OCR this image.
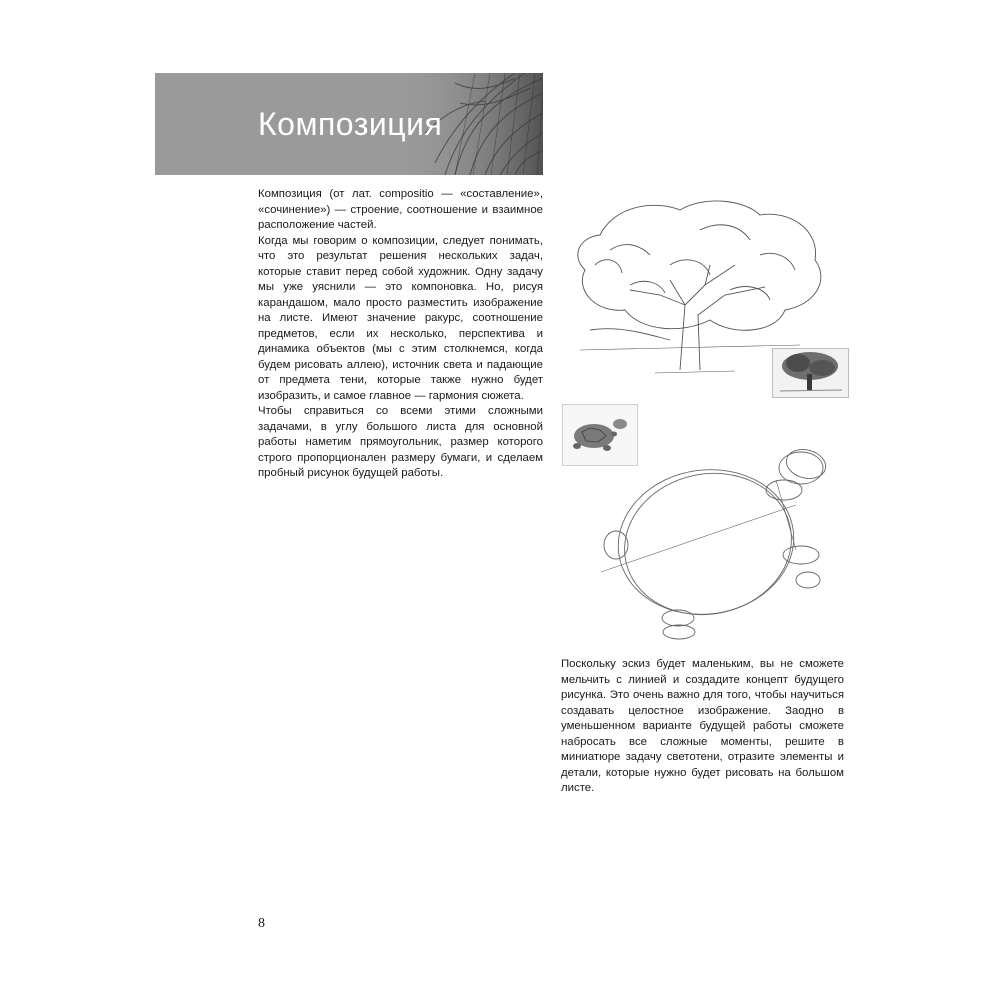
Композиция

Композиция (от лат. compositio — «составление», «сочинение») — строение, соотношение и взаимное расположение частей.

Когда мы говорим о композиции, следует понимать, что это результат решения нескольких задач, которые ставит перед собой художник. Одну задачу мы уже уяснили — это компоновка. Но, рисуя карандашом, мало просто разместить изображение на листе. Имеют значение ракурс, соотношение предметов, если их несколько, перспектива и динамика объектов (мы с этим столкнемся, когда будем рисовать аллею), источник света и падающие от предмета тени, которые также нужно будет изобразить, и самое главное — гармония сюжета.

Чтобы справиться со всеми этими сложными задачами, в углу большого листа для основной работы наметим прямоугольник, размер которого строго пропорционален размеру бумаги, и сделаем пробный рисунок будущей работы.

Поскольку эскиз будет маленьким, вы не сможете мельчить с линией и создадите концепт будущего рисунка. Это очень важно для того, чтобы научиться создавать целостное изображение. Заодно в уменьшенном варианте будущей работы сможете набросать все сложные моменты, решите в миниатюре задачу светотени, отразите элементы и детали, которые нужно будет рисовать на большом листе.

8
